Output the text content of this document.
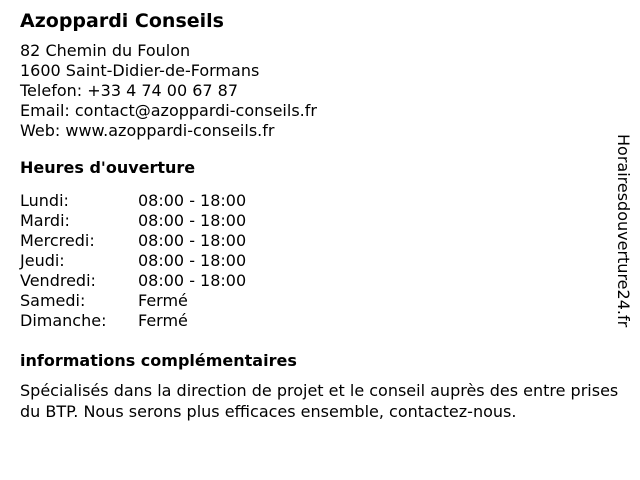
Azoppardi Conseils
82 Chemin du Foulon
1600 Saint-Didier-de-Formans
Telefon: +33 4 74 00 67 87
Email: contact@azoppardi-conseils.fr
Web: www.azoppardi-conseils.fr
Heures d'ouverture
Lundi:	08:00 - 18:00
Mardi:	08:00 - 18:00
Mercredi:	08:00 - 18:00
Jeudi:	08:00 - 18:00
Vendredi:	08:00 - 18:00
Samedi:	Fermé
Dimanche:	Fermé
informations complémentaires
Spécialisés dans la direction de projet et le conseil auprès des entre prises du BTP. Nous serons plus efficaces ensemble, contactez-nous.
Horairesdouverture24.fr
